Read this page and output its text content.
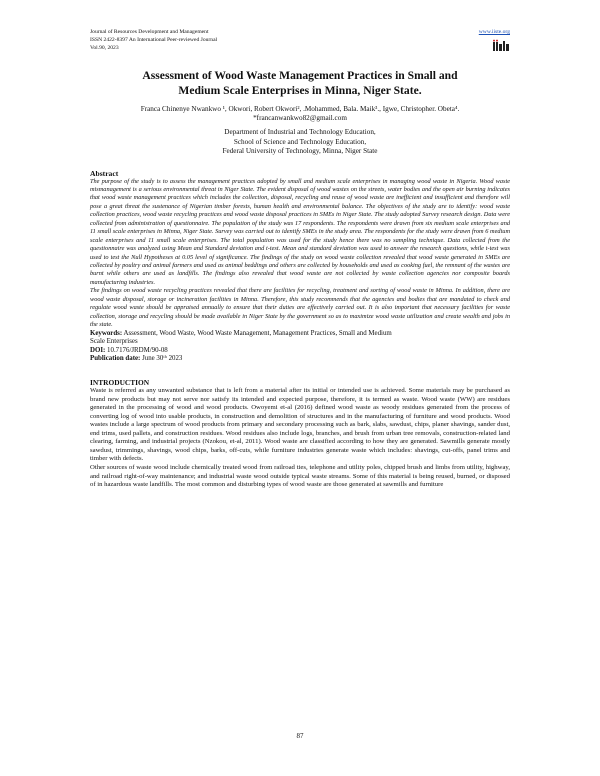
Journal of Resources Development and Management
ISSN 2422-8397 An International Peer-reviewed Journal
Vol.90, 2023
www.iiste.org
Assessment of Wood Waste Management Practices in Small and
Medium Scale Enterprises in Minna, Niger State.
Franca Chinenye Nwankwo ¹, Okwori, Robert Okwori², .Mohammed, Bala. Maik³., Igwe, Christopher. Obeta⁴.
*francanwankwo82@gmail.com
Department of Industrial and Technology Education,
School of Science and Technology Education,
Federal University of Technology, Minna, Niger State
Abstract

The purpose of the study is to assess the management practices adopted by small and medium scale enterprises in managing wood waste in Nigeria. Wood waste mismanagement is a serious environmental threat in Niger State. The evident disposal of wood wastes on the streets, water bodies and the open air burning indicates that wood waste management practices which includes the collection, disposal, recycling and reuse of wood waste are inefficient and insufficient and therefore will pose a great threat the sustenance of Nigerian timber forests, human health and environmental balance. The objectives of the study are to identify: wood waste collection practices, wood waste recycling practices and wood waste disposal practices in SMEs in Niger State. The study adopted Survey research design. Data were collected from administration of questionnaire. The population of the study was 17 respondents. The respondents were drawn from six medium scale enterprises and 11 small scale enterprises in Minna, Niger State. Survey was carried out to identify SMEs in the study area. The respondents for the study were drawn from 6 medium scale enterprises and 11 small scale enterprises. The total population was used for the study hence there was no sampling technique. Data collected from the questionnaire was analyzed using Mean and Standard deviation and t-test. Mean and standard deviation was used to answer the research questions, while t-test was used to test the Null Hypotheses at 0.05 level of significance. The findings of the study on wood waste collection revealed that wood waste generated in SMEs are collected by poultry and animal farmers and used as animal beddings and others are collected by households and used as cooking fuel, the remnant of the wastes are burnt while others are used as landfills. The findings also revealed that wood waste are not collected by waste collection agencies nor composite boards manufacturing industries.

The findings on wood waste recycling practices revealed that there are facilities for recycling, treatment and sorting of wood waste in Minna. In addition, there are wood waste disposal, storage or incineration facilities in Minna. Therefore, this study recommends that the agencies and bodies that are mandated to check and regulate wood waste should be appraised annually to ensure that their duties are effectively carried out. It is also important that necessary facilities for waste collection, storage and recycling should be made available in Niger State by the government so as to maximize wood waste utilization and create wealth and jobs in the state.

Keywords: Assessment, Wood Waste, Wood Waste Management, Management Practices, Small and Medium
Scale Enterprises
DOI: 10.7176/JRDM/90-08
Publication date: June 30ᵗʰ 2023
INTRODUCTION

Waste is referred as any unwanted substance that is left from a material after its initial or intended use is achieved. Some materials may be purchased as brand new products but may not serve nor satisfy its intended and expected purpose, therefore, it is termed as waste. Wood waste (WW) are residues generated in the processing of wood and wood products. Owoyemi et-al (2016) defined wood waste as woody residues generated from the process of converting log of wood into usable products, in construction and demolition of structures and in the manufacturing of furniture and wood products. Wood wastes include a large spectrum of wood products from primary and secondary processing such as bark, slabs, sawdust, chips, planer shavings, sander dust, end trims, used pallets, and construction residues. Wood residues also include logs, branches, and brush from urban tree removals, construction-related land clearing, farming, and industrial projects (Nzokou, et-al, 2011). Wood waste are classified according to how they are generated. Sawmills generate mostly sawdust, trimmings, shavings, wood chips, barks, off-cuts, while furniture industries generate waste which includes: shavings, cut-offs, panel trims and timber with defects.

Other sources of waste wood include chemically treated wood from railroad ties, telephone and utility poles, chipped brush and limbs from utility, highway, and railroad right-of-way maintenance; and industrial waste wood outside typical waste streams. Some of this material is being reused, burned, or disposed of in hazardous waste landfills. The most common and disturbing types of wood waste are those generated at sawmills and furniture

87
